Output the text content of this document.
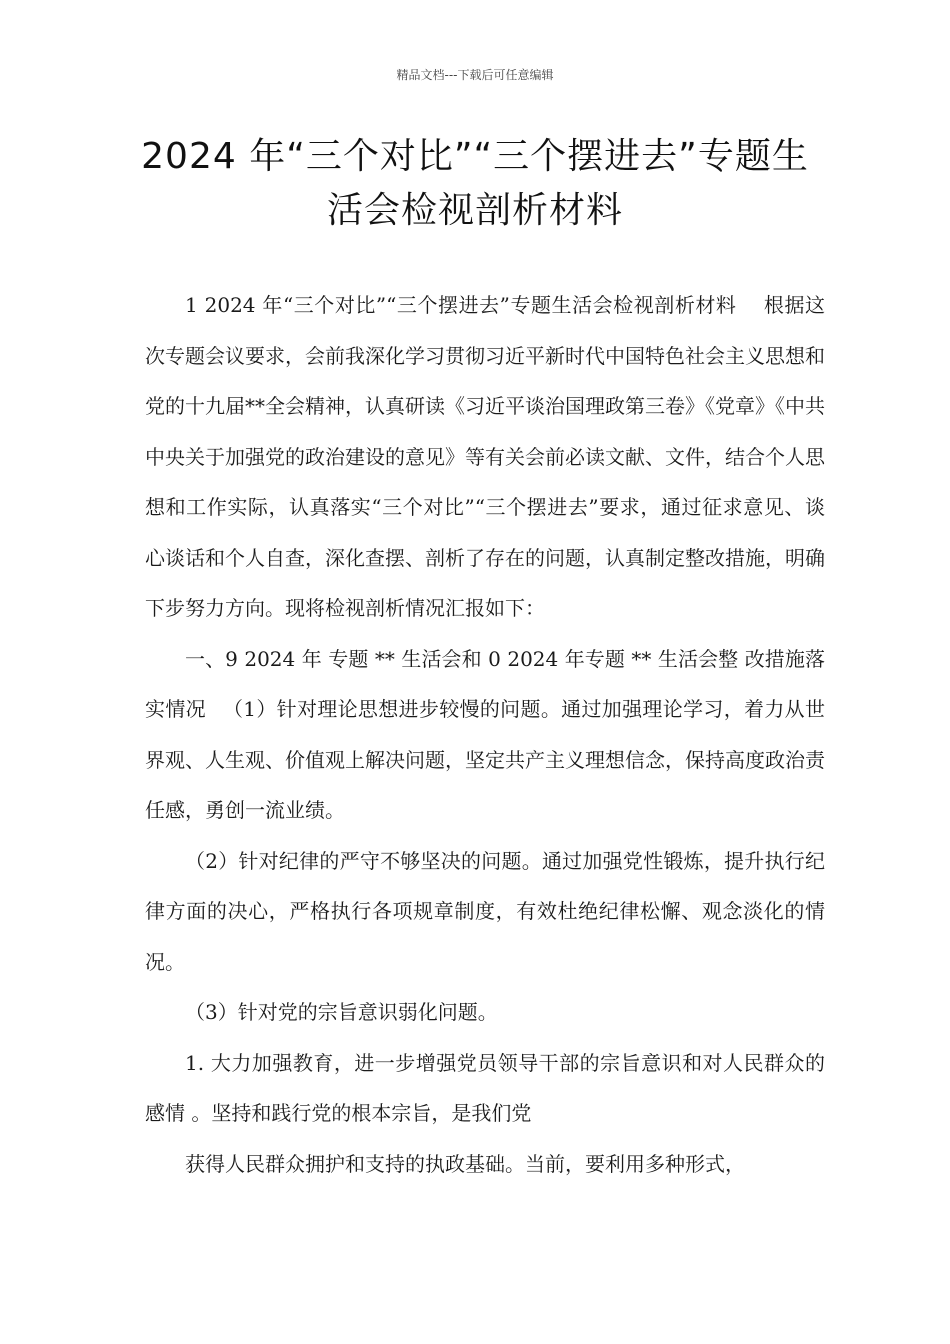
精品文档---下载后可任意编辑
2024 年“三个对比”“三个摆进去”专题生活会检视剖析材料

1 2024 年“三个对比”“三个摆进去”专题生活会检视剖析材料　 根据这次专题会议要求，会前我深化学习贯彻习近平新时代中国特色社会主义思想和党的十九届**全会精神，认真研读《习近平谈治国理政第三卷》《党章》《中共中央关于加强党的政治建设的意见》等有关会前必读文献、文件，结合个人思想和工作实际，认真落实“三个对比”“三个摆进去”要求，通过征求意见、谈心谈话和个人自查，深化查摆、剖析了存在的问题，认真制定整改措施，明确下步努力方向。现将检视剖析情况汇报如下：

一、9 2024 年 专题 ** 生活会和 0 2024 年专题 ** 生活会整 改措施落实情况 　（1）针对理论思想进步较慢的问题。通过加强理论学习，着力从世界观、人生观、价值观上解决问题，坚定共产主义理想信念，保持高度政治责任感，勇创一流业绩。

（2）针对纪律的严守不够坚决的问题。通过加强党性锻炼，提升执行纪律方面的决心，严格执行各项规章制度，有效杜绝纪律松懈、观念淡化的情况。

（3）针对党的宗旨意识弱化问题。

1. 大力加强教育，进一步增强党员领导干部的宗旨意识和对人民群众的感情 。坚持和践行党的根本宗旨，是我们党

获得人民群众拥护和支持的执政基础。当前，要利用多种形式，
